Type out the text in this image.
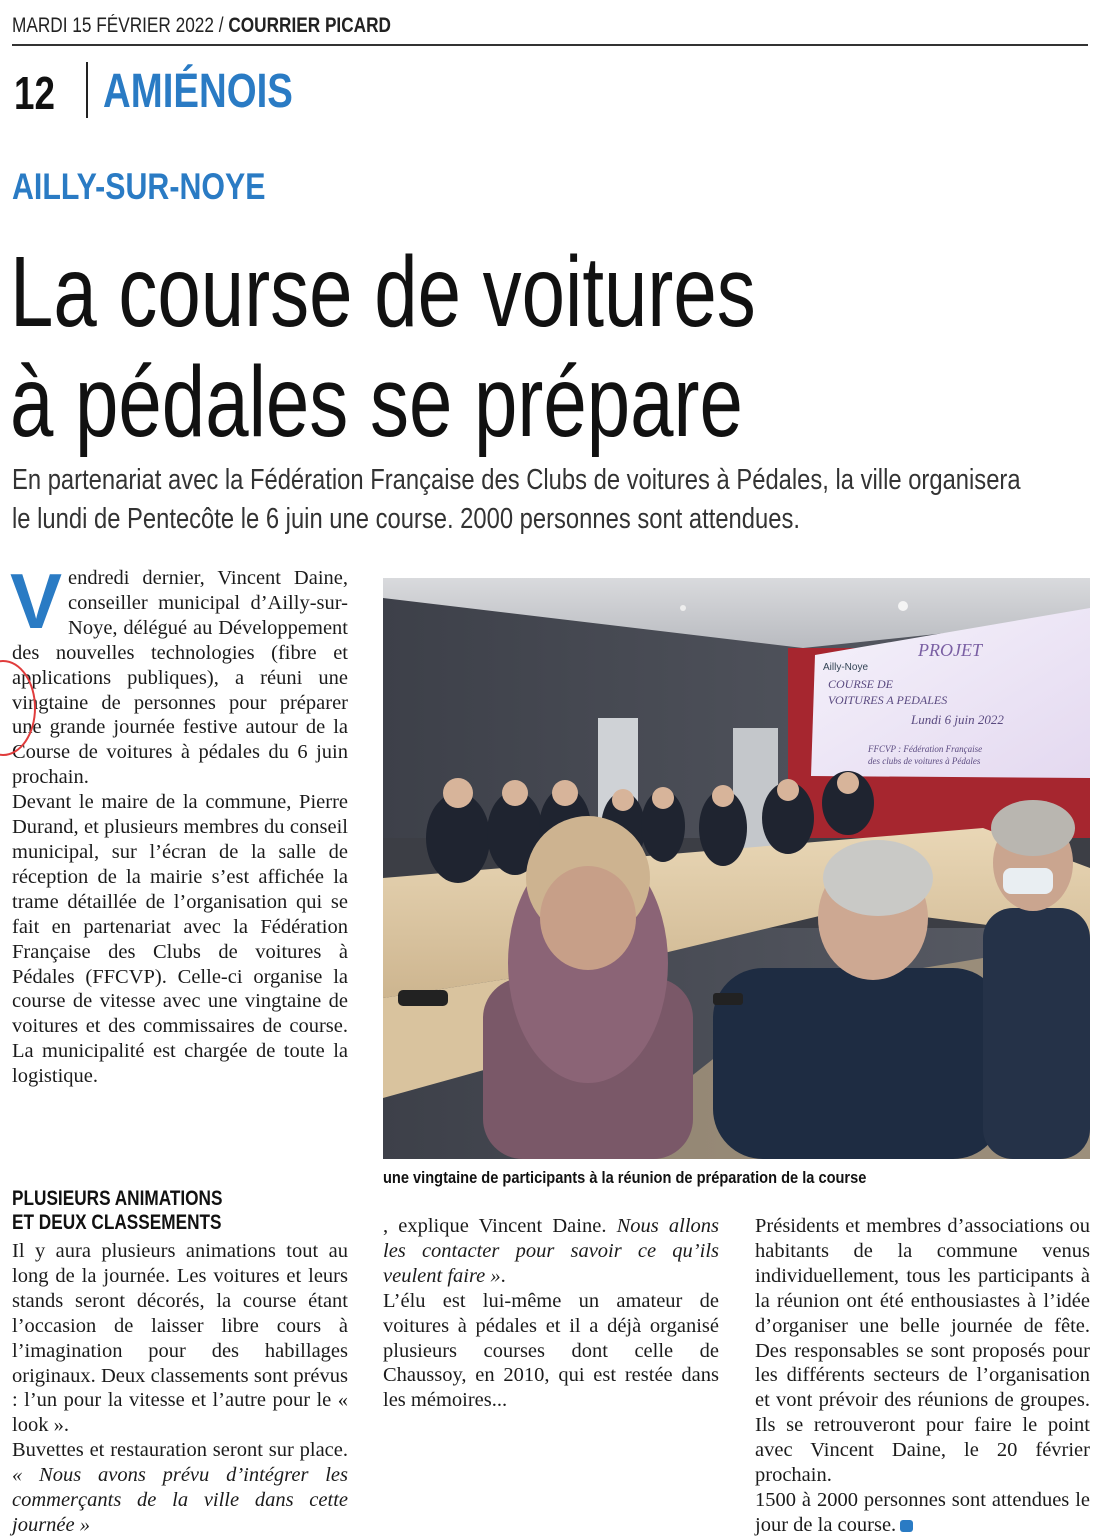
MARDI 15 FÉVRIER 2022 / COURRIER PICARD
12 AMIÉNOIS
AILLY-SUR-NOYE
La course de voitures
à pédales se prépare
En partenariat avec la Fédération Française des Clubs de voitures à Pédales, la ville organisera
le lundi de Pentecôte le 6 juin une course. 2000 personnes sont attendues.

Vendredi dernier, Vincent Daine, conseiller municipal d’Ailly-sur-Noye, délégué au Développement des nouvelles technologies (fibre et applications publiques), a réuni une vingtaine de personnes pour préparer une grande journée festive autour de la Course de voitures à pédales du 6 juin prochain.

Devant le maire de la commune, Pierre Durand, et plusieurs membres du conseil municipal, sur l’écran de la salle de réception de la mairie s’est affichée la trame détaillée de l’organisation qui se fait en partenariat avec la Fédération Française des Clubs de voitures à Pédales (FFCVP). Celle-ci organise la course de vitesse avec une vingtaine de voitures et des commissaires de course. La municipalité est chargée de toute la logistique.

PLUSIEURS ANIMATIONS
ET DEUX CLASSEMENTS

Il y aura plusieurs animations tout au long de la journée. Les voitures et leurs stands seront décorés, la course étant l’occasion de laisser libre cours à l’imagination pour des habillages originaux. Deux classements sont prévus : l’un pour la vitesse et l’autre pour le « look ».

Buvettes et restauration seront sur place. « Nous avons prévu d’intégrer les commerçants de la ville dans cette journée »

, explique Vincent Daine. Nous allons les contacter pour savoir ce qu’ils veulent faire ».

L’élu est lui-même un amateur de voitures à pédales et il a déjà organisé plusieurs courses dont celle de Chaussoy, en 2010, qui est restée dans les mémoires...

Présidents et membres d’associations ou habitants de la commune venus individuellement, tous les participants à la réunion ont été enthousiastes à l’idée d’organiser une belle journée de fête. Des responsables se sont proposés pour les différents secteurs de l’organisation et vont prévoir des réunions de groupes. Ils se retrouveront pour faire le point avec Vincent Daine, le 20 février prochain.

1500 à 2000 personnes sont attendues le jour de la course.

Ailly-Noye
PROJET
COURSE DE
VOITURES A PEDALES
Lundi 6 juin 2022
FFCVP : Fédération Française
des clubs de voitures à Pédales
une vingtaine de participants à la réunion de préparation de la course
